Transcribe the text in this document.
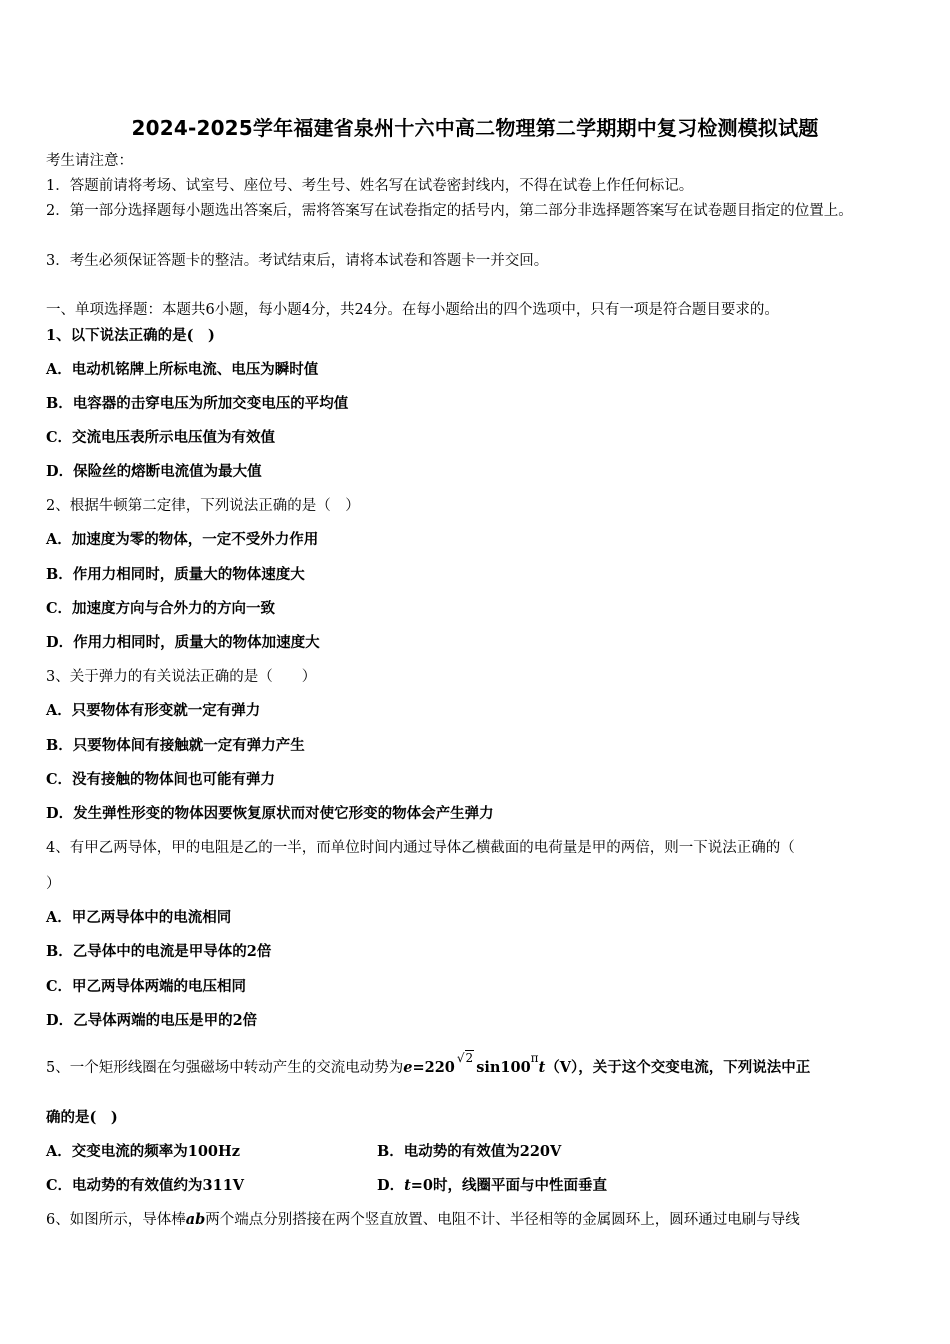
2024-2025学年福建省泉州十六中高二物理第二学期期中复习检测模拟试题
考生请注意：
1．答题前请将考场、试室号、座位号、考生号、姓名写在试卷密封线内，不得在试卷上作任何标记。
2．第一部分选择题每小题选出答案后，需将答案写在试卷指定的括号内，第二部分非选择题答案写在试卷题目指定的位置上。
3．考生必须保证答题卡的整洁。考试结束后，请将本试卷和答题卡一并交回。
一、单项选择题：本题共6小题，每小题4分，共24分。在每小题给出的四个选项中，只有一项是符合题目要求的。
1、以下说法正确的是(　)
A．电动机铭牌上所标电流、电压为瞬时值
B．电容器的击穿电压为所加交变电压的平均值
C．交流电压表所示电压值为有效值
D．保险丝的熔断电流值为最大值
2、根据牛顿第二定律，下列说法正确的是（　）
A．加速度为零的物体，一定不受外力作用
B．作用力相同时，质量大的物体速度大
C．加速度方向与合外力的方向一致
D．作用力相同时，质量大的物体加速度大
3、关于弹力的有关说法正确的是（　　）
A．只要物体有形变就一定有弹力
B．只要物体间有接触就一定有弹力产生
C．没有接触的物体间也可能有弹力
D．发生弹性形变的物体因要恢复原状而对使它形变的物体会产生弹力
4、有甲乙两导体，甲的电阻是乙的一半，而单位时间内通过导体乙横截面的电荷量是甲的两倍，则一下说法正确的（
）
A．甲乙两导体中的电流相同
B．乙导体中的电流是甲导体的2倍
C．甲乙两导体两端的电压相同
D．乙导体两端的电压是甲的2倍
5、一个矩形线圈在匀强磁场中转动产生的交流电动势为$e=220^{√2}\sin 100^\pi t(V)$，关于这个交变电流，下列说法中正
确的是(　)
A．交变电流的频率为100Hz	B．电动势的有效值为220V
C．电动势的有效值约为311V	D．t=0时，线圈平面与中性面垂直
6、如图所示，导体棒ab两个端点分别搭接在两个竖直放置、电阻不计、半径相等的金属圆环上，圆环通过电刷与导线
